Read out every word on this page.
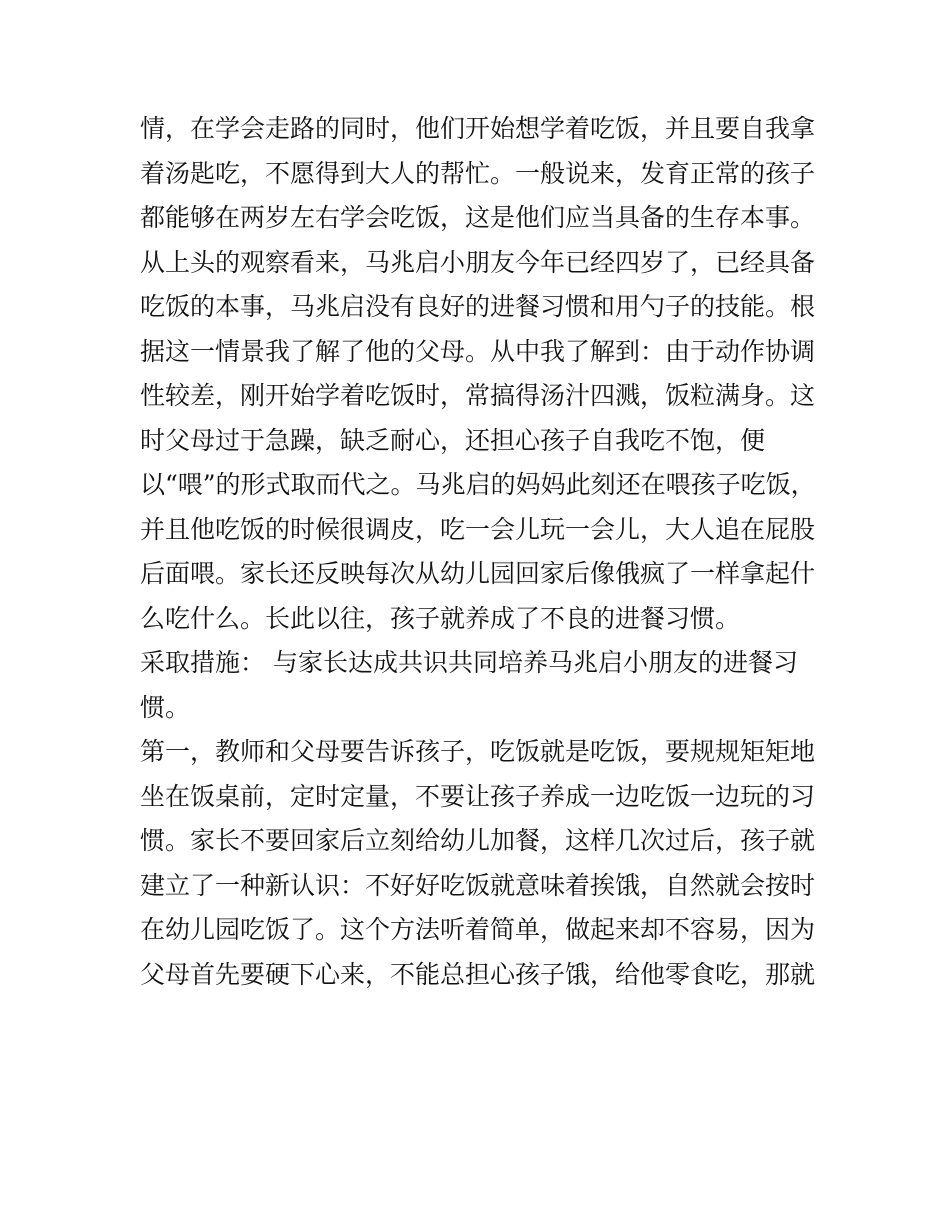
情，在学会走路的同时，他们开始想学着吃饭，并且要自我拿
着汤匙吃，不愿得到大人的帮忙。一般说来，发育正常的孩子
都能够在两岁左右学会吃饭，这是他们应当具备的生存本事。
从上头的观察看来，马兆启小朋友今年已经四岁了，已经具备
吃饭的本事，马兆启没有良好的进餐习惯和用勺子的技能。根
据这一情景我了解了他的父母。从中我了解到：由于动作协调
性较差，刚开始学着吃饭时，常搞得汤汁四溅，饭粒满身。这
时父母过于急躁，缺乏耐心，还担心孩子自我吃不饱，便
以“喂”的形式取而代之。马兆启的妈妈此刻还在喂孩子吃饭，
并且他吃饭的时候很调皮，吃一会儿玩一会儿，大人追在屁股
后面喂。家长还反映每次从幼儿园回家后像俄疯了一样拿起什
么吃什么。长此以往，孩子就养成了不良的进餐习惯。
采取措施： 与家长达成共识共同培养马兆启小朋友的进餐习
惯。
第一，教师和父母要告诉孩子，吃饭就是吃饭，要规规矩矩地
坐在饭桌前，定时定量，不要让孩子养成一边吃饭一边玩的习
惯。家长不要回家后立刻给幼儿加餐，这样几次过后，孩子就
建立了一种新认识：不好好吃饭就意味着挨饿，自然就会按时
在幼儿园吃饭了。这个方法听着简单，做起来却不容易，因为
父母首先要硬下心来，不能总担心孩子饿，给他零食吃，那就
